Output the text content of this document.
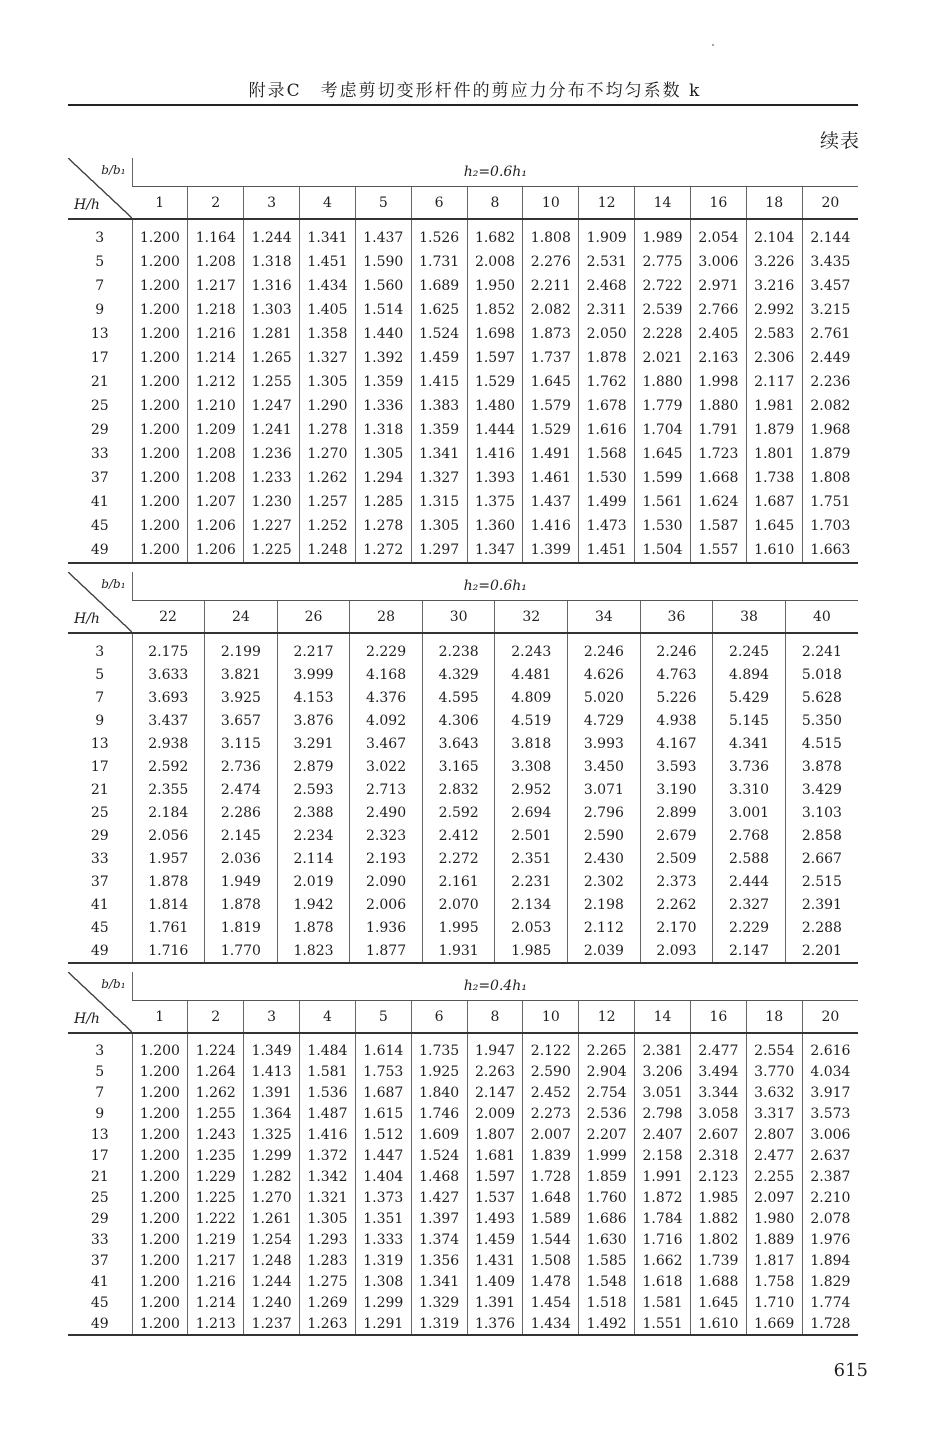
附录C　考虑剪切变形杆件的剪应力分布不均匀系数 k
续表
b/b₁
H/h	h₂=0.6h₁												
	1	2	3	4	5	6	8	10	12	14	16	18	20

3	1.200	1.164	1.244	1.341	1.437	1.526	1.682	1.808	1.909	1.989	2.054	2.104	2.144
5	1.200	1.208	1.318	1.451	1.590	1.731	2.008	2.276	2.531	2.775	3.006	3.226	3.435
7	1.200	1.217	1.316	1.434	1.560	1.689	1.950	2.211	2.468	2.722	2.971	3.216	3.457
9	1.200	1.218	1.303	1.405	1.514	1.625	1.852	2.082	2.311	2.539	2.766	2.992	3.215
13	1.200	1.216	1.281	1.358	1.440	1.524	1.698	1.873	2.050	2.228	2.405	2.583	2.761
17	1.200	1.214	1.265	1.327	1.392	1.459	1.597	1.737	1.878	2.021	2.163	2.306	2.449
21	1.200	1.212	1.255	1.305	1.359	1.415	1.529	1.645	1.762	1.880	1.998	2.117	2.236
25	1.200	1.210	1.247	1.290	1.336	1.383	1.480	1.579	1.678	1.779	1.880	1.981	2.082
29	1.200	1.209	1.241	1.278	1.318	1.359	1.444	1.529	1.616	1.704	1.791	1.879	1.968
33	1.200	1.208	1.236	1.270	1.305	1.341	1.416	1.491	1.568	1.645	1.723	1.801	1.879
37	1.200	1.208	1.233	1.262	1.294	1.327	1.393	1.461	1.530	1.599	1.668	1.738	1.808
41	1.200	1.207	1.230	1.257	1.285	1.315	1.375	1.437	1.499	1.561	1.624	1.687	1.751
45	1.200	1.206	1.227	1.252	1.278	1.305	1.360	1.416	1.473	1.530	1.587	1.645	1.703
49	1.200	1.206	1.225	1.248	1.272	1.297	1.347	1.399	1.451	1.504	1.557	1.610	1.663
b/b₁
H/h	h₂=0.6h₁									
	22	24	26	28	30	32	34	36	38	40

3	2.175	2.199	2.217	2.229	2.238	2.243	2.246	2.246	2.245	2.241
5	3.633	3.821	3.999	4.168	4.329	4.481	4.626	4.763	4.894	5.018
7	3.693	3.925	4.153	4.376	4.595	4.809	5.020	5.226	5.429	5.628
9	3.437	3.657	3.876	4.092	4.306	4.519	4.729	4.938	5.145	5.350
13	2.938	3.115	3.291	3.467	3.643	3.818	3.993	4.167	4.341	4.515
17	2.592	2.736	2.879	3.022	3.165	3.308	3.450	3.593	3.736	3.878
21	2.355	2.474	2.593	2.713	2.832	2.952	3.071	3.190	3.310	3.429
25	2.184	2.286	2.388	2.490	2.592	2.694	2.796	2.899	3.001	3.103
29	2.056	2.145	2.234	2.323	2.412	2.501	2.590	2.679	2.768	2.858
33	1.957	2.036	2.114	2.193	2.272	2.351	2.430	2.509	2.588	2.667
37	1.878	1.949	2.019	2.090	2.161	2.231	2.302	2.373	2.444	2.515
41	1.814	1.878	1.942	2.006	2.070	2.134	2.198	2.262	2.327	2.391
45	1.761	1.819	1.878	1.936	1.995	2.053	2.112	2.170	2.229	2.288
49	1.716	1.770	1.823	1.877	1.931	1.985	2.039	2.093	2.147	2.201
b/b₁
H/h	h₂=0.4h₁												
	1	2	3	4	5	6	8	10	12	14	16	18	20

3	1.200	1.224	1.349	1.484	1.614	1.735	1.947	2.122	2.265	2.381	2.477	2.554	2.616
5	1.200	1.264	1.413	1.581	1.753	1.925	2.263	2.590	2.904	3.206	3.494	3.770	4.034
7	1.200	1.262	1.391	1.536	1.687	1.840	2.147	2.452	2.754	3.051	3.344	3.632	3.917
9	1.200	1.255	1.364	1.487	1.615	1.746	2.009	2.273	2.536	2.798	3.058	3.317	3.573
13	1.200	1.243	1.325	1.416	1.512	1.609	1.807	2.007	2.207	2.407	2.607	2.807	3.006
17	1.200	1.235	1.299	1.372	1.447	1.524	1.681	1.839	1.999	2.158	2.318	2.477	2.637
21	1.200	1.229	1.282	1.342	1.404	1.468	1.597	1.728	1.859	1.991	2.123	2.255	2.387
25	1.200	1.225	1.270	1.321	1.373	1.427	1.537	1.648	1.760	1.872	1.985	2.097	2.210
29	1.200	1.222	1.261	1.305	1.351	1.397	1.493	1.589	1.686	1.784	1.882	1.980	2.078
33	1.200	1.219	1.254	1.293	1.333	1.374	1.459	1.544	1.630	1.716	1.802	1.889	1.976
37	1.200	1.217	1.248	1.283	1.319	1.356	1.431	1.508	1.585	1.662	1.739	1.817	1.894
41	1.200	1.216	1.244	1.275	1.308	1.341	1.409	1.478	1.548	1.618	1.688	1.758	1.829
45	1.200	1.214	1.240	1.269	1.299	1.329	1.391	1.454	1.518	1.581	1.645	1.710	1.774
49	1.200	1.213	1.237	1.263	1.291	1.319	1.376	1.434	1.492	1.551	1.610	1.669	1.728
615
